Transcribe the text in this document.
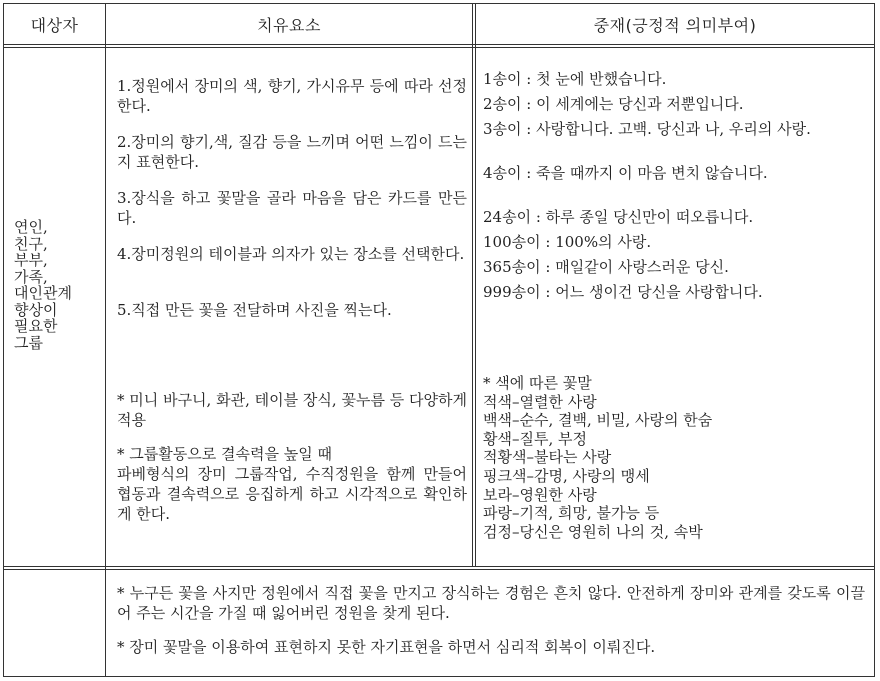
대상자	치유요소	중재(긍정적 의미부여)
연인,
친구,
부부,
가족,
대인관계
향상이
필요한
그룹

1.정원에서 장미의 색, 향기, 가시유무 등에 따라 선정한다.

2.장미의 향기,색, 질감 등을 느끼며 어떤 느낌이 드는지 표현한다.

3.장식을 하고 꽃말을 골라 마음을 담은 카드를 만든다.

4.장미정원의 테이블과 의자가 있는 장소를 선택한다.

5.직접 만든 꽃을 전달하며 사진을 찍는다.

* 미니 바구니, 화관, 테이블 장식, 꽃누름 등 다양하게 적용

* 그룹활동으로 결속력을 높일 때

파베형식의 장미 그룹작업, 수직정원을 함께 만들어 협동과 결속력으로 응집하게 하고 시각적으로 확인하게 한다.

1송이 : 첫 눈에 반했습니다.

2송이 : 이 세계에는 당신과 저뿐입니다.

3송이 : 사랑합니다. 고백. 당신과 나, 우리의 사랑.

4송이 : 죽을 때까지 이 마음 변치 않습니다.

24송이 : 하루 종일 당신만이 떠오릅니다.

100송이 : 100%의 사랑.

365송이 : 매일같이 사랑스러운 당신.

999송이 : 어느 생이건 당신을 사랑합니다.

* 색에 따른 꽃말
적색–열렬한 사랑
백색–순수, 결백, 비밀, 사랑의 한숨
황색–질투, 부정
적황색–불타는 사랑
핑크색–감명, 사랑의 맹세
보라–영원한 사랑
파랑–기적, 희망, 불가능 등
검정–당신은 영원히 나의 것, 속박

* 누구든 꽃을 사지만 정원에서 직접 꽃을 만지고 장식하는 경험은 흔치 않다. 안전하게 장미와 관계를 갖도록 이끌어 주는 시간을 가질 때 잃어버린 정원을 찾게 된다.

* 장미 꽃말을 이용하여 표현하지 못한 자기표현을 하면서 심리적 회복이 이뤄진다.
